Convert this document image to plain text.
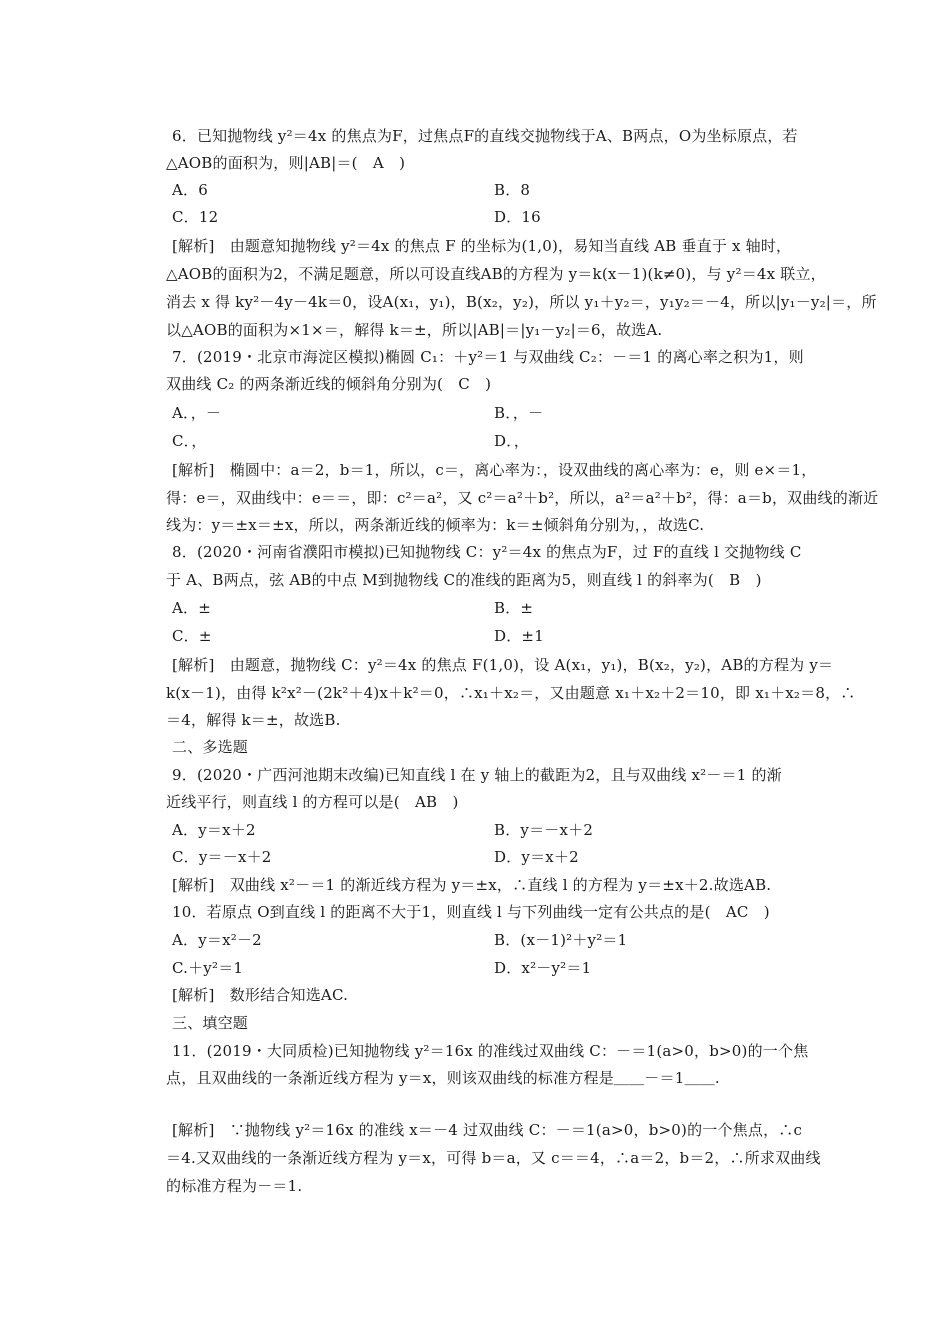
6．已知抛物线 y²＝4x 的焦点为F，过焦点F的直线交抛物线于A、B两点，O为坐标原点，若
△AOB的面积为，则|AB|＝(　A　)
A．6	B．8
C．12	D．16
[解析]　由题意知抛物线 y²＝4x 的焦点 F 的坐标为(1,0)，易知当直线 AB 垂直于 x 轴时，
△AOB的面积为2，不满足题意，所以可设直线AB的方程为 y＝k(x－1)(k≠0)，与 y²＝4x 联立，
消去 x 得 ky²－4y－4k＝0，设A(x₁，y₁)，B(x₂，y₂)，所以 y₁＋y₂＝，y₁y₂＝－4，所以|y₁－y₂|＝，所
以△AOB的面积为×1×＝，解得 k＝±，所以|AB|＝|y₁－y₂|＝6，故选A.
7．(2019・北京市海淀区模拟)椭圆 C₁：＋y²＝1 与双曲线 C₂：－＝1 的离心率之积为1，则
双曲线 C₂ 的两条渐近线的倾斜角分别为(　C　)
A．，－	B．，－
C．，	D．，
[解析]　椭圆中：a＝2，b＝1，所以，c＝，离心率为：，设双曲线的离心率为：e，则 e×＝1，
得：e＝，双曲线中：e＝＝，即：c²＝a²，又 c²＝a²＋b²，所以，a²＝a²＋b²，得：a＝b，双曲线的渐近
线为：y＝±x＝±x，所以，两条渐近线的倾率为：k＝±倾斜角分别为，，故选C.
8．(2020・河南省濮阳市模拟)已知抛物线 C：y²＝4x 的焦点为F，过 F的直线 l 交抛物线 C
于 A、B两点，弦 AB的中点 M到抛物线 C的准线的距离为5，则直线 l 的斜率为(　B　)
A．±	B．±
C．±	D．±1
[解析]　由题意，抛物线 C：y²＝4x 的焦点 F(1,0)，设 A(x₁，y₁)，B(x₂，y₂)，AB的方程为 y＝
k(x－1)，由得 k²x²－(2k²＋4)x＋k²＝0，∴x₁＋x₂＝，又由题意 x₁＋x₂＋2＝10，即 x₁＋x₂＝8，∴
＝4，解得 k＝±，故选B.
二、多选题
9．(2020・广西河池期末改编)已知直线 l 在 y 轴上的截距为2，且与双曲线 x²－＝1 的渐
近线平行，则直线 l 的方程可以是(　AB　)
A．y＝x＋2	B．y＝－x＋2
C．y＝－x＋2	D．y＝x＋2
[解析]　双曲线 x²－＝1 的渐近线方程为 y＝±x，∴直线 l 的方程为 y＝±x＋2.故选AB.
10．若原点 O到直线 l 的距离不大于1，则直线 l 与下列曲线一定有公共点的是(　AC　)
A．y＝x²－2	B．(x－1)²＋y²＝1
C.＋y²＝1	D．x²－y²＝1
[解析]　数形结合知选AC.
三、填空题
11．(2019・大同质检)已知抛物线 y²＝16x 的准线过双曲线 C：－＝1(a>0，b>0)的一个焦
点，且双曲线的一条渐近线方程为 y＝x，则该双曲线的标准方程是＿＿－＝1＿＿.
[解析]　∵抛物线 y²＝16x 的准线 x＝－4 过双曲线 C：－＝1(a>0，b>0)的一个焦点，∴c
＝4.又双曲线的一条渐近线方程为 y＝x，可得 b＝a，又 c＝＝4，∴a＝2，b＝2，∴所求双曲线
的标准方程为－＝1.
